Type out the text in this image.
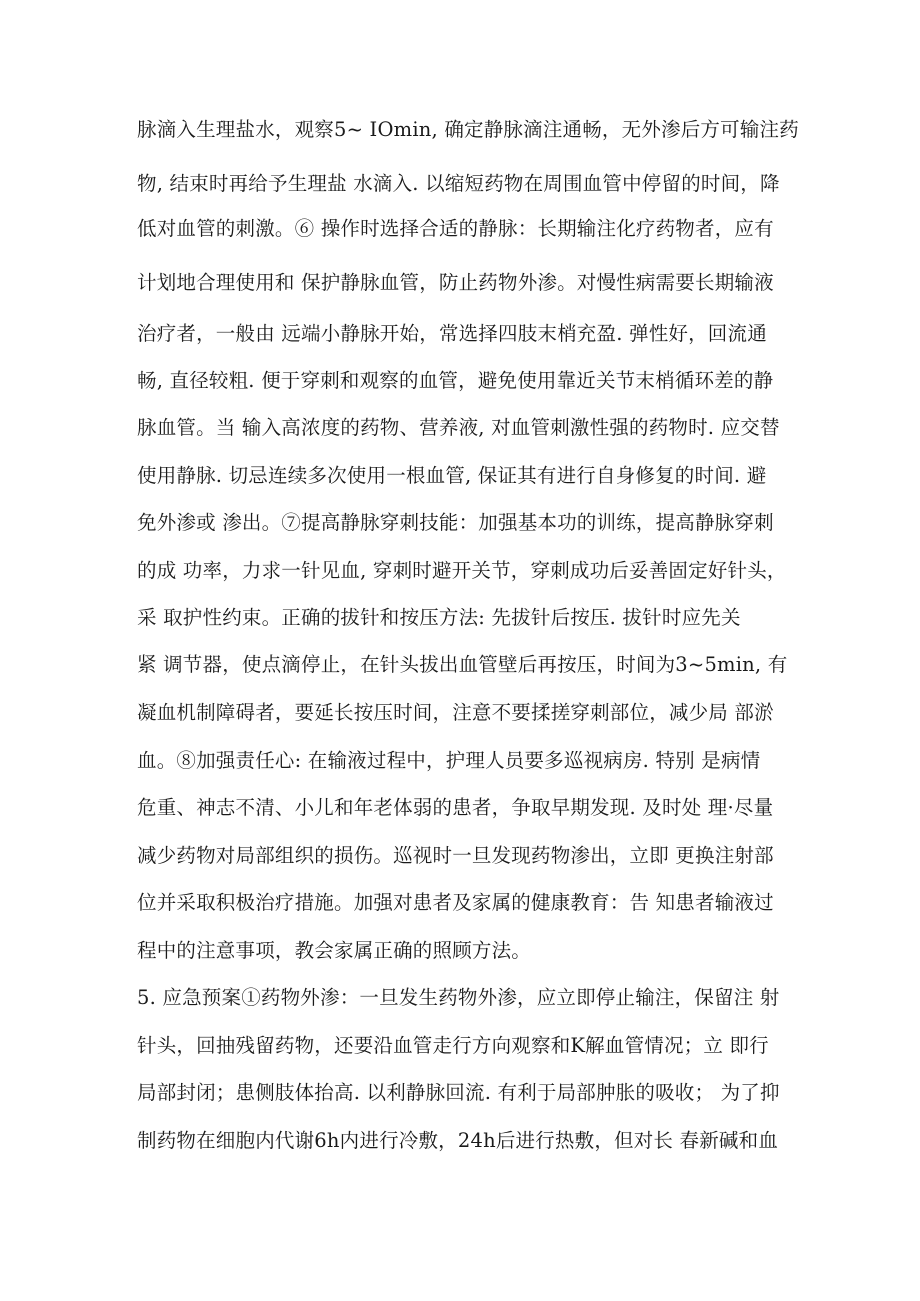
脉滴入生理盐水，观察5~ IOmin, 确定静脉滴注通畅，无外渗后方可输注药
物, 结束时再给予生理盐 水滴入. 以缩短药物在周围血管中停留的时间，降
低对血管的刺激。⑥ 操作时选择合适的静脉：长期输注化疗药物者，应有
计划地合理使用和 保护静脉血管，防止药物外渗。对慢性病需要长期输液
治疗者，一般由 远端小静脉开始，常选择四肢末梢充盈. 弹性好，回流通
畅, 直径较粗. 便于穿刺和观察的血管，避免使用靠近关节末梢循环差的静
脉血管。当 输入高浓度的药物、营养液, 对血管刺激性强的药物时. 应交替
使用静脉. 切忌连续多次使用一根血管, 保证其有进行自身修复的时间. 避
免外渗或 渗出。⑦提高静脉穿刺技能：加强基本功的训练，提高静脉穿刺
的成 功率，力求一针见血, 穿刺时避开关节，穿刺成功后妥善固定好针头，
采 取护性约束。正确的拔针和按压方法: 先拔针后按压. 拔针时应先关
紧 调节器，使点滴停止，在针头拔出血管壁后再按压，时间为3~5min, 有
凝血机制障碍者，要延长按压时间，注意不要揉搓穿刺部位，减少局 部淤
血。⑧加强责任心: 在输液过程中，护理人员要多巡视病房. 特别 是病情
危重、神志不清、小儿和年老体弱的患者，争取早期发现. 及时处 理·尽量
减少药物对局部组织的损伤。巡视时一旦发现药物渗出，立即 更换注射部
位并采取积极治疗措施。加强对患者及家属的健康教育：告 知患者输液过
程中的注意事项，教会家属正确的照顾方法。
5. 应急预案①药物外渗：一旦发生药物外渗，应立即停止输注，保留注 射
针头，回抽残留药物，还要沿血管走行方向观察和K解血管情况；立 即行
局部封闭；患侧肢体抬高. 以利静脉回流. 有利于局部肿胀的吸收； 为了抑
制药物在细胞内代谢6h内进行冷敷，24h后进行热敷，但对长 春新碱和血
